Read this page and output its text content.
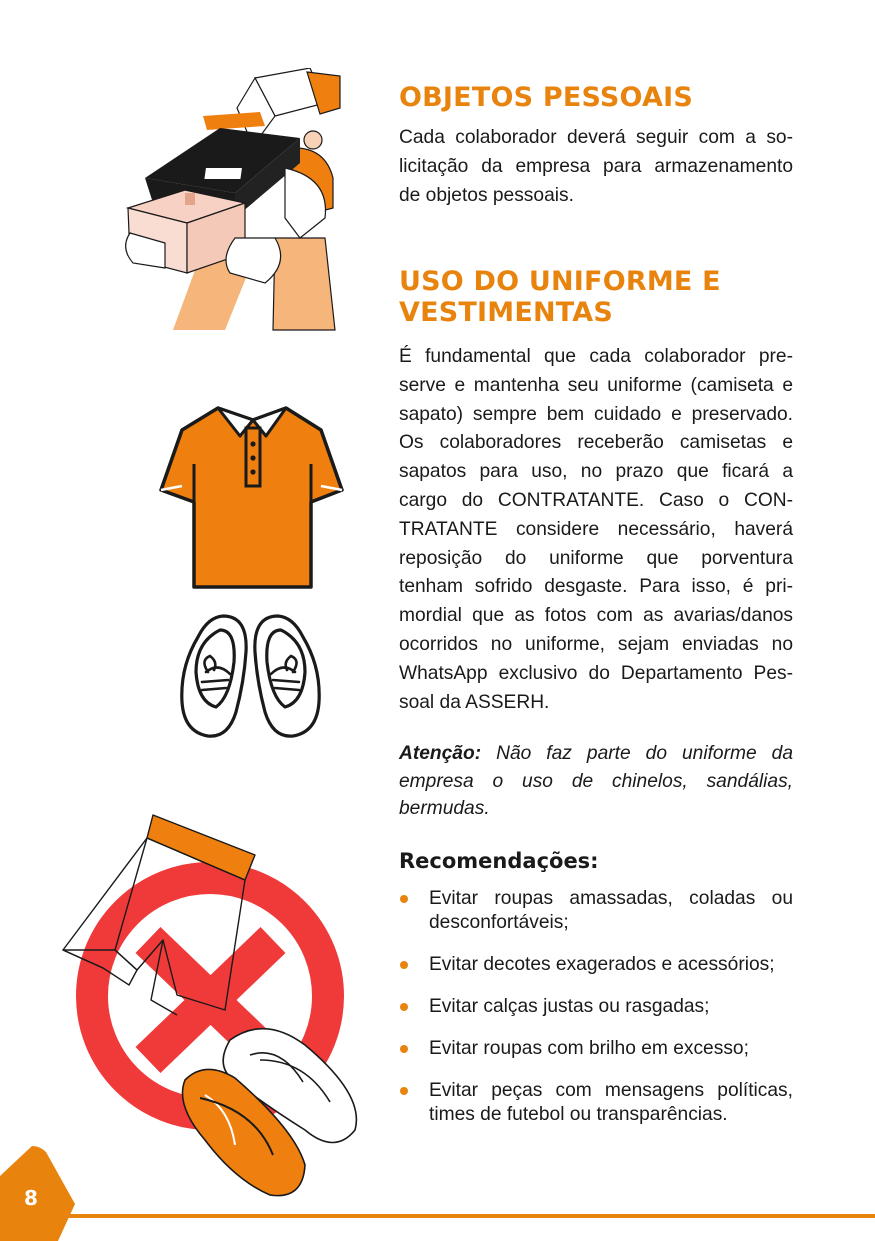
OBJETOS PESSOAIS

Cada colaborador deverá seguir com a so-
licitação da empresa para armazenamento
de objetos pessoais.

USO DO UNIFORME E
VESTIMENTAS

É fundamental que cada colaborador pre-
serve e mantenha seu uniforme (camiseta e
sapato) sempre bem cuidado e preservado.
Os colaboradores receberão camisetas e
sapatos para uso, no prazo que ficará a
cargo do CONTRATANTE. Caso o CON-
TRATANTE considere necessário, haverá
reposição do uniforme que porventura
tenham sofrido desgaste. Para isso, é pri-
mordial que as fotos com as avarias/danos
ocorridos no uniforme, sejam enviadas no
WhatsApp exclusivo do Departamento Pes-
soal da ASSERH.

Atenção: Não faz parte do uniforme da empresa o uso de chinelos, sandálias, bermudas.

Recomendações:
Evitar roupas amassadas, coladas ou desconfortáveis;
Evitar decotes exagerados e acessórios;
Evitar calças justas ou rasgadas;
Evitar roupas com brilho em excesso;
Evitar peças com mensagens políticas, times de futebol ou transparências.
8
